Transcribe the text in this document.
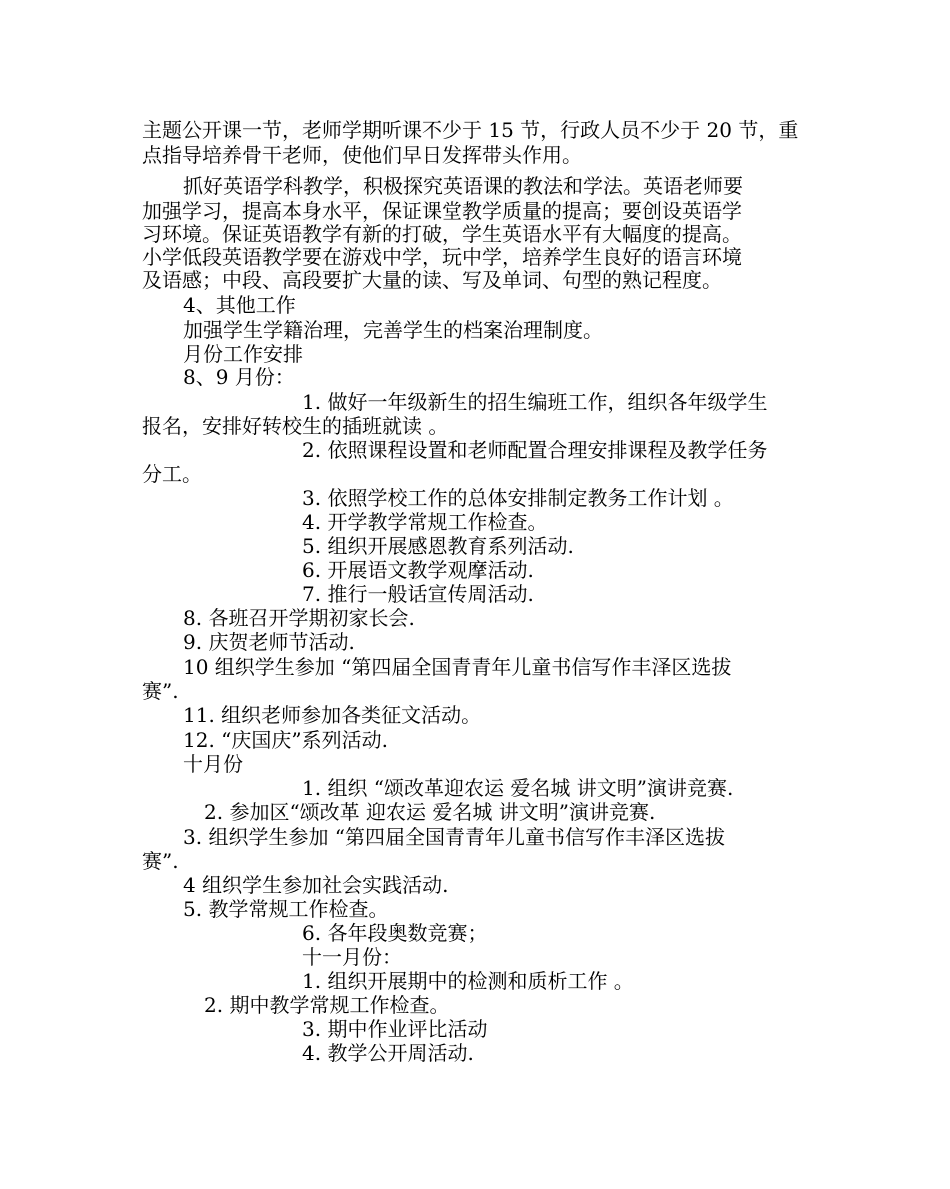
主题公开课一节，老师学期听课不少于 15 节，行政人员不少于 20 节，重
点指导培养骨干老师，使他们早日发挥带头作用。
抓好英语学科教学，积极探究英语课的教法和学法。英语老师要
加强学习，提高本身水平，保证课堂教学质量的提高；要创设英语学
习环境。保证英语教学有新的打破，学生英语水平有大幅度的提高。
小学低段英语教学要在游戏中学，玩中学，培养学生良好的语言环境
及语感；中段、高段要扩大量的读、写及单词、句型的熟记程度。
4、其他工作
加强学生学籍治理，完善学生的档案治理制度。
月份工作安排
8、9 月份：
1. 做好一年级新生的招生编班工作，组织各年级学生
报名，安排好转校生的插班就读 。
2. 依照课程设置和老师配置合理安排课程及教学任务
分工。
3. 依照学校工作的总体安排制定教务工作计划 。
4. 开学教学常规工作检查。
5. 组织开展感恩教育系列活动.
6. 开展语文教学观摩活动.
7. 推行一般话宣传周活动.
8. 各班召开学期初家长会.
9. 庆贺老师节活动.
10 组织学生参加 “第四届全国青青年儿童书信写作丰泽区选拔
赛”.
11. 组织老师参加各类征文活动。
12. “庆国庆”系列活动.
十月份
1. 组织 “颂改革迎农运 爱名城 讲文明”演讲竞赛.
2. 参加区“颂改革 迎农运 爱名城 讲文明”演讲竞赛.
3. 组织学生参加 “第四届全国青青年儿童书信写作丰泽区选拔
赛”.
4 组织学生参加社会实践活动.
5. 教学常规工作检查。
6. 各年段奥数竞赛；
十一月份：
1. 组织开展期中的检测和质析工作 。
2. 期中教学常规工作检查。
3. 期中作业评比活动
4. 教学公开周活动.
